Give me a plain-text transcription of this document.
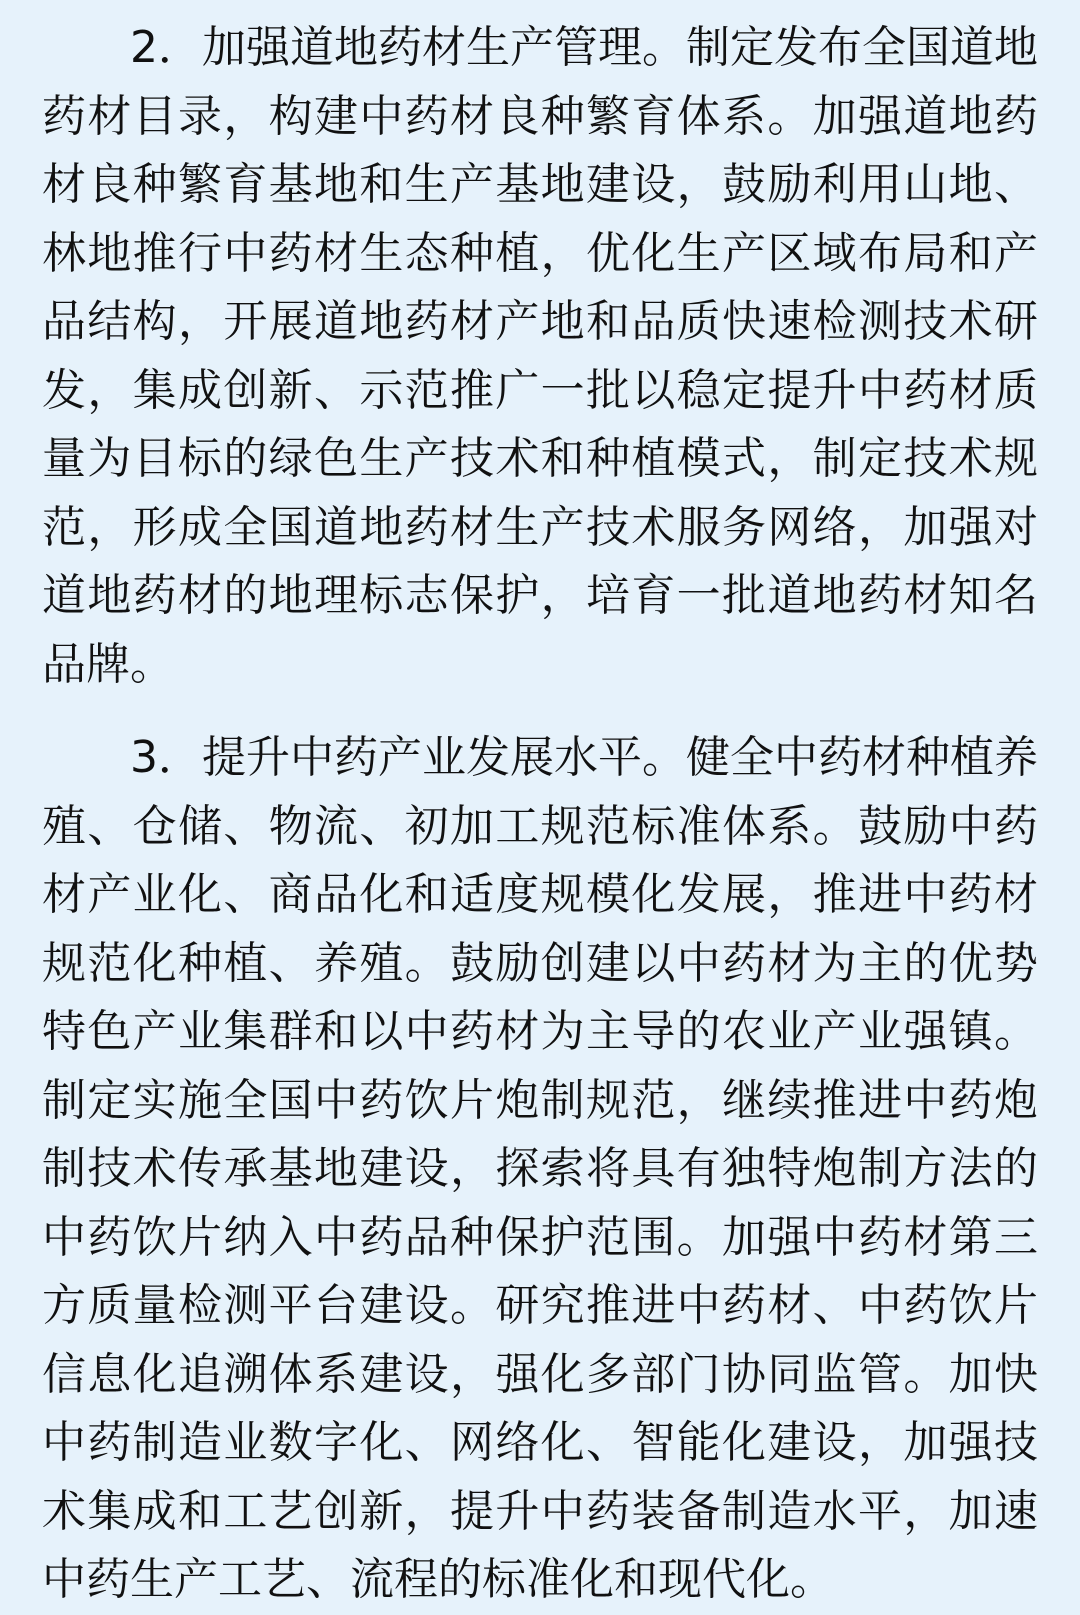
2．加强道地药材生产管理。制定发布全国道地药材目录，构建中药材良种繁育体系。加强道地药材良种繁育基地和生产基地建设，鼓励利用山地、林地推行中药材生态种植，优化生产区域布局和产品结构，开展道地药材产地和品质快速检测技术研发，集成创新、示范推广一批以稳定提升中药材质量为目标的绿色生产技术和种植模式，制定技术规范，形成全国道地药材生产技术服务网络，加强对道地药材的地理标志保护，培育一批道地药材知名品牌。

3．提升中药产业发展水平。健全中药材种植养殖、仓储、物流、初加工规范标准体系。鼓励中药材产业化、商品化和适度规模化发展，推进中药材规范化种植、养殖。鼓励创建以中药材为主的优势特色产业集群和以中药材为主导的农业产业强镇。制定实施全国中药饮片炮制规范，继续推进中药炮制技术传承基地建设，探索将具有独特炮制方法的中药饮片纳入中药品种保护范围。加强中药材第三方质量检测平台建设。研究推进中药材、中药饮片信息化追溯体系建设，强化多部门协同监管。加快中药制造业数字化、网络化、智能化建设，加强技术集成和工艺创新，提升中药装备制造水平，加速中药生产工艺、流程的标准化和现代化。
